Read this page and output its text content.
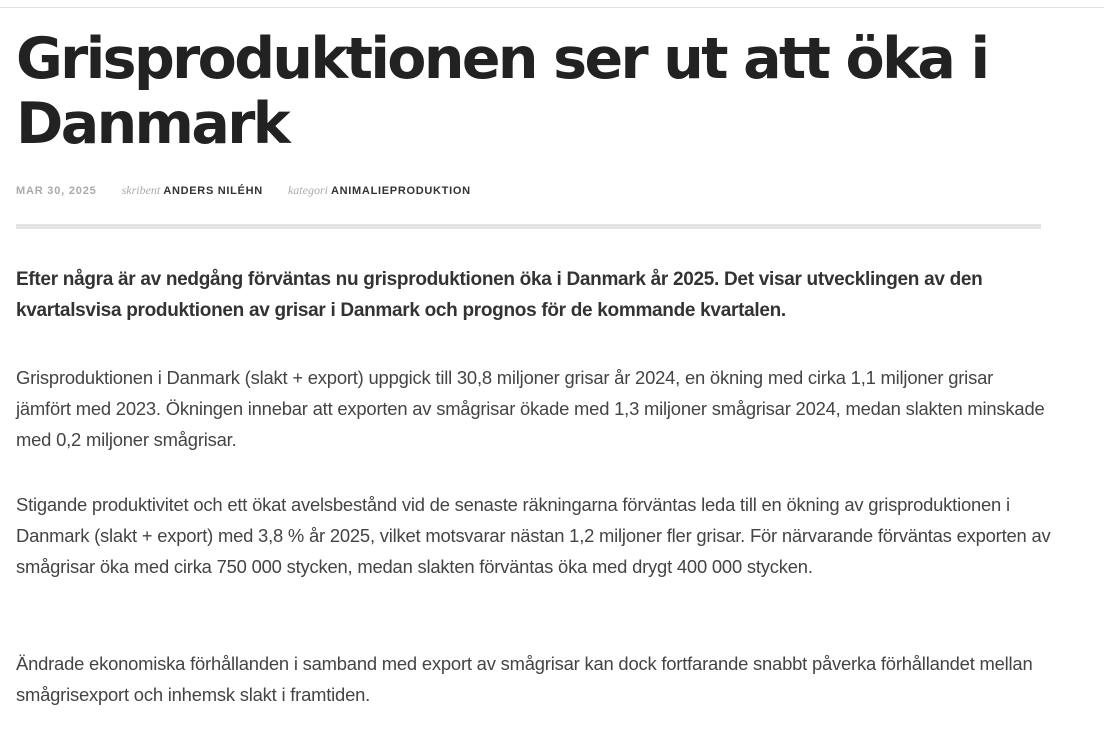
Grisproduktionen ser ut att öka i Danmark
MAR 30, 2025 skribent ANDERS NILÉHN kategori ANIMALIEPRODUKTION

Efter några är av nedgång förväntas nu grisproduktionen öka i Danmark år 2025. Det visar utvecklingen av den kvartalsvisa produktionen av grisar i Danmark och prognos för de kommande kvartalen.

Grisproduktionen i Danmark (slakt + export) uppgick till 30,8 miljoner grisar år 2024, en ökning med cirka 1,1 miljoner grisar jämfört med 2023. Ökningen innebar att exporten av smågrisar ökade med 1,3 miljoner smågrisar 2024, medan slakten minskade med 0,2 miljoner smågrisar.

Stigande produktivitet och ett ökat avelsbestånd vid de senaste räkningarna förväntas leda till en ökning av grisproduktionen i Danmark (slakt + export) med 3,8 % år 2025, vilket motsvarar nästan 1,2 miljoner fler grisar. För närvarande förväntas exporten av smågrisar öka med cirka 750 000 stycken, medan slakten förväntas öka med drygt 400 000 stycken.

Ändrade ekonomiska förhållanden i samband med export av smågrisar kan dock fortfarande snabbt påverka förhållandet mellan smågrisexport och inhemsk slakt i framtiden.
